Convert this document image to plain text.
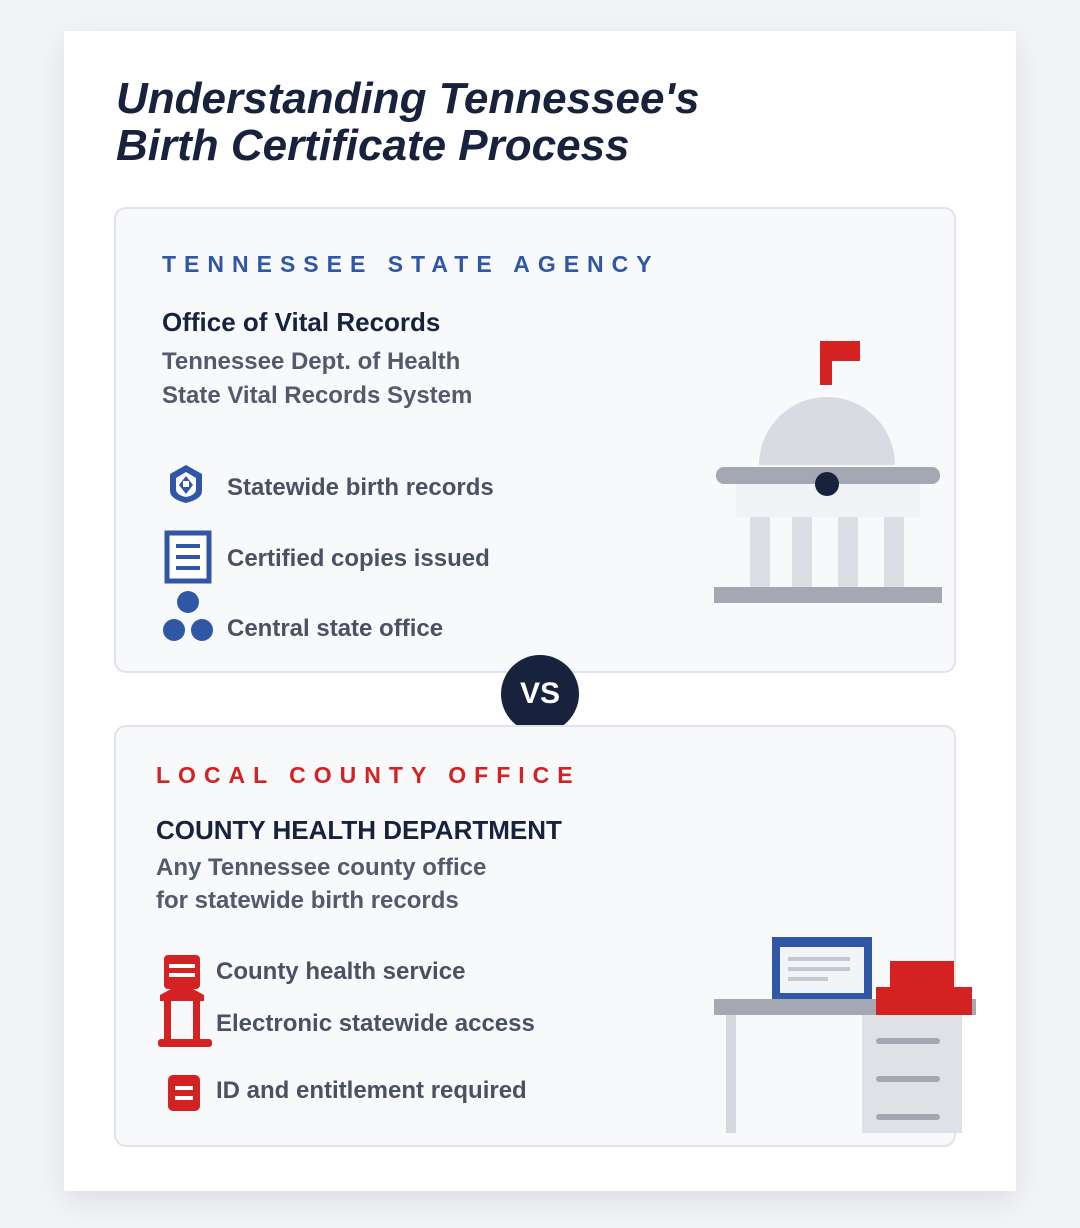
Understanding Tennessee's
Birth Certificate Process
TENNESSEE STATE AGENCY
Office of Vital Records
Tennessee Dept. of Health
State Vital Records System
Statewide birth records
Certified copies issued
Central state office
VS
LOCAL COUNTY OFFICE
COUNTY HEALTH DEPARTMENT
Any Tennessee county office
for statewide birth records
County health service
Electronic statewide access
ID and entitlement required
